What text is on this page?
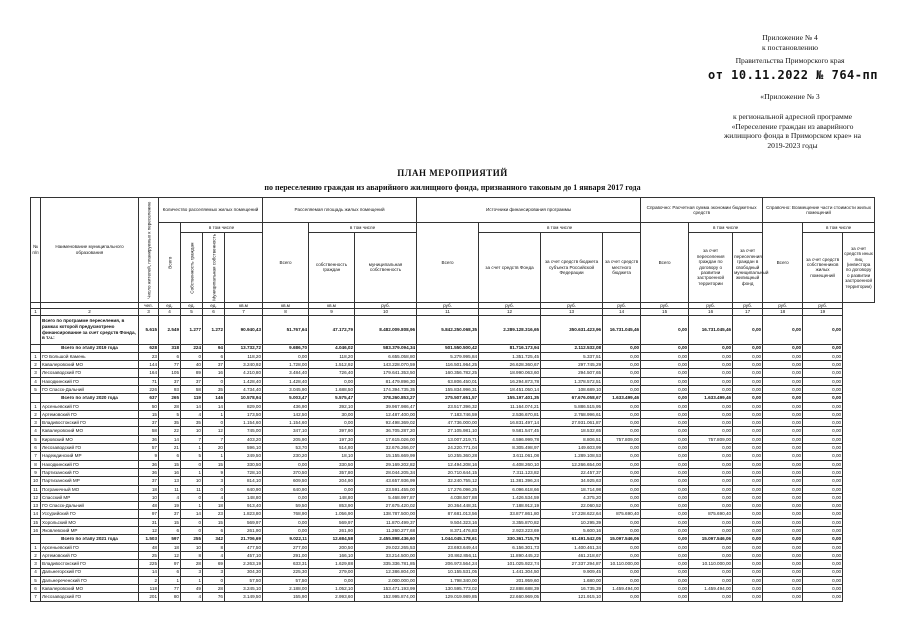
Приложение № 4
к постановлению
Правительства Приморского края
от 10.11.2022 № 764-пп
«Приложение № 3
к региональной адресной программе
«Переселение граждан из аварийного
жилищного фонда в Приморском крае» на
2019-2023 годы
ПЛАН МЕРОПРИЯТИЙ
по переселению граждан из аварийного жилищного фонда, признанного таковым до 1 января 2017 года
№ п/п	Наименование муниципального образования	Число жителей, планируемых к переселению	Количество расселяемых жилых помещений				Расселяемая площадь жилых помещений			Источники финансирования программы				Справочно: Расчетная сумма экономии бюджетных средств			Справочно: Возмещение части стоимости жилых помещений		
			Всего	в том числе			Всего	в том числе		Всего	в том числе			Всего	в том числе		Всего	в том числе	
				Собственность граждан	Муниципальная собственность			собственность граждан	муниципальная собственность		за счет средств Фонда	за счет средств бюджета субъекта Российской Федерации	за счет средств местного бюджета		за счет переселения граждан по договору о развитии застроенной территории	за счет переселения граждан в свободный муниципальный жилищный фонд		за счет средств собственников жилых помещений	за счет средств иных лиц (инвестора по договору о развитии застроенной территории)
		чел.	ед.	ед.	ед.	кв.м	кв.м	кв.м	руб.	руб.	руб.	руб.	руб.	руб.	руб.	руб.	руб.	руб.	
1	2	3	4	5	6	7	8	9	10	11	12	13	14	15	16	17	18	19	
	Всего по программе переселения, в рамках которой предусмотрено финансирование за счет средств Фонда, в т.ч.:	5.615	2.549	1.277	1.272	90.940,43	51.767,64	47.172,79	8.482.009.808,96	5.842.250.068,35	2.289.128.316,65	350.631.423,96	16.731.045,46	0,00	16.731.045,46	0,00	0,00	0,00	
	Всего по этапу 2019 года	628	318	224	94	13.732,72	9.686,70	4.046,02	583.379.094,34	501.550.500,42	81.716.173,94	2.112.532,08	0,00	0,00	0,00	0,00	0,00	0,00	
1	ГО Большой Камень	23	6	0	6	118,20	0,00	118,20	6.655.058,80	5.279.995,84	1.351.725,45	5.337,51	0,00	0,00	0,00	0,00	0,00	0,00	
2	Кавалеровский МО	144	77	40	37	3.240,92	1.728,00	1.512,92	143.228.070,59	116.501.964,25	26.628.360,67	297.745,29	0,00	0,00	0,00	0,00	0,00	0,00	
3	Лесозаводский ГО	164	105	89	16	4.210,80	3.484,40	726,40	179.641.353,50	160.356.782,25	18.990.063,60	294.507,65	0,00	0,00	0,00	0,00	0,00	0,00	
4	Находкинский ГО	71	37	37	0	1.428,40	1.428,40	0,00	81.479.896,30	63.806.450,01	16.294.873,78	1.378.572,51	0,00	0,00	0,00	0,00	0,00	0,00	
5	ГО Спасск-Дальний	226	93	58	35	4.734,40	3.045,90	1.688,50	174.394.735,35	155.834.996,31	18.451.050,14	108.689,10	0,00	0,00	0,00	0,00	0,00	0,00	
	Всего по этапу 2020 года	637	265	119	146	10.578,94	5.003,47	5.575,47	378.260.853,27	275.507.651,57	155.197.401,35	67.676.058,67	1.633.499,46	0,00	1.633.499,46	0,00	0,00	0,00	
1	Арсеньевский ГО	50	28	14	14	829,00	436,90	392,10	39.967.986,47	23.517.396,32	11.164.074,21	5.886.515,95	0,00	0,00	0,00	0,00	0,00	0,00	
2	Артемовский ГО	15	5	4	1	173,50	142,50	30,00	12.487.400,00	7.183.746,59	2.536.670,81	2.768.996,61	0,00	0,00	0,00	0,00	0,00	0,00	
3	Владивостокский ГО	37	35	35	0	1.154,60	1.154,60	0,00	92.498.369,02	47.736.000,00	16.831.497,14	27.931.061,87	0,00	0,00	0,00	0,00	0,00	0,00	
4	Кавалеровский МО	58	22	10	12	745,00	347,10	397,90	36.705.287,20	27.105.981,10	9.581.547,45	18.532,65	0,00	0,00	0,00	0,00	0,00	0,00	
5	Кировский МО	36	14	7	7	403,20	205,90	197,30	17.615.026,00	13.007.219,71	4.596.999,78	8.806,51	757.809,00	0,00	757.809,00	0,00	0,00	0,00	
6	Лесозаводский ГО	57	21	1	20	596,10	53,70	514,80	32.676.266,07	24.220.771,04	8.305.498,97	149.603,99	0,00	0,00	0,00	0,00	0,00	0,00	
7	Надеждинский МР	9	6	5	1	249,50	230,20	18,10	15.155.669,99	10.255.360,28	3.611.061,08	1.289.108,53	0,00	0,00	0,00	0,00	0,00	0,00	
8	Находкинский ГО	36	15	0	15	330,50	0,00	330,50	29.169.202,82	12.494.208,16	4.408.260,10	12.266.654,00	0,00	0,00	0,00	0,00	0,00	0,00	
9	Партизанский ГО	36	16	1	9	728,10	370,50	357,80	28.044.205,34	20.710.644,15	7.311.123,82	22.457,37	0,00	0,00	0,00	0,00	0,00	0,00	
10	Партизанский МР	37	13	10	3	814,10	609,50	204,90	43.657.936,99	32.240.755,12	11.381.396,24	34.925,63	0,00	0,00	0,00	0,00	0,00	0,00	
11	Пограничный МО	18	11	11	0	640,90	640,90	0,00	23.591.455,00	17.276.096,25	6.096.618,66	18.714,98	0,00	0,00	0,00	0,00	0,00	0,00	
12	Спасский МР	10	4	0	4	148,80	0,00	148,80	5.468.997,87	4.038.507,88	1.426.534,59	4.375,20	0,00	0,00	0,00	0,00	0,00	0,00	
13	ГО Спасск-Дальний	48	19	1	18	913,40	59,50	853,90	27.675.420,02	20.364.448,31	7.188.912,19	22.060,52	0,00	0,00	0,00	0,00	0,00	0,00	
14	Уссурийский ГО	97	37	14	23	1.823,80	768,90	1.056,90	138.787.500,00	87.681.013,56	33.877.861,80	17.228.622,64	875.690,40	0,00	875.690,40	0,00	0,00	0,00	
15	Хорольский МО	31	15	0	15	569,97	0,00	569,97	11.870.499,37	9.504.323,16	3.355.870,82	10.295,39	0,00	0,00	0,00	0,00	0,00	0,00	
16	Яковлевский МР	12	6	0	6	261,90	0,00	261,90	11.260.277,68	8.371.476,83	2.923.223,69	5.600,16	0,00	0,00	0,00	0,00	0,00	0,00	
	Всего по этапу 2021 года	1.503	597	255	342	21.706,69	9.022,11	12.684,58	2.455.898.436,60	1.044.045.178,61	330.361.715,79	61.491.542,05	15.097.546,06	0,00	15.097.546,06	0,00	0,00	0,00	
1	Арсеньевский ГО	48	18	10	8	477,50	277,00	200,50	29.022.265,53	23.693.649,44	6.156.301,73	1.400.461,34	0,00	0,00	0,00	0,00	0,00	0,00	
2	Артемовский ГО	25	12	8	4	457,10	291,00	166,10	33.214.500,00	20.862.856,11	11.890.445,22	461.218,67	0,00	0,00	0,00	0,00	0,00	0,00	
3	Владивостокский ГО	225	97	28	69	2.263,19	633,31	1.629,88	335.336.781,85	206.973.564,24	101.025.922,74	27.337.294,87	10.110.000,00	0,00	10.110.000,00	0,00	0,00	0,00	
4	Дальнегорский ГО	14	6	3	3	304,30	225,30	279,00	12.386.804,00	10.155.531,05	1.441.304,50	9.909,45	0,00	0,00	0,00	0,00	0,00	0,00	
5	Дальнереченский ГО	2	1	1	0	57,50	57,50	0,00	2.000.000,00	1.798.340,00	201.959,60	1.680,00	0,00	0,00	0,00	0,00	0,00	0,00	
6	Кавалеровский МО	118	77	49	28	3.245,10	2.188,00	1.052,10	153.471.193,99	130.595.773,02	22.888.688,39	16.735,39	1.459.494,00	0,00	1.459.494,00	0,00	0,00	0,00	
7	Лесозаводский ГО	201	80	4	76	3.149,50	155,90	2.993,60	152.995.874,00	129.019.989,85	22.660.969,05	121.915,10	0,00	0,00	0,00	0,00	0,00	0,00	
